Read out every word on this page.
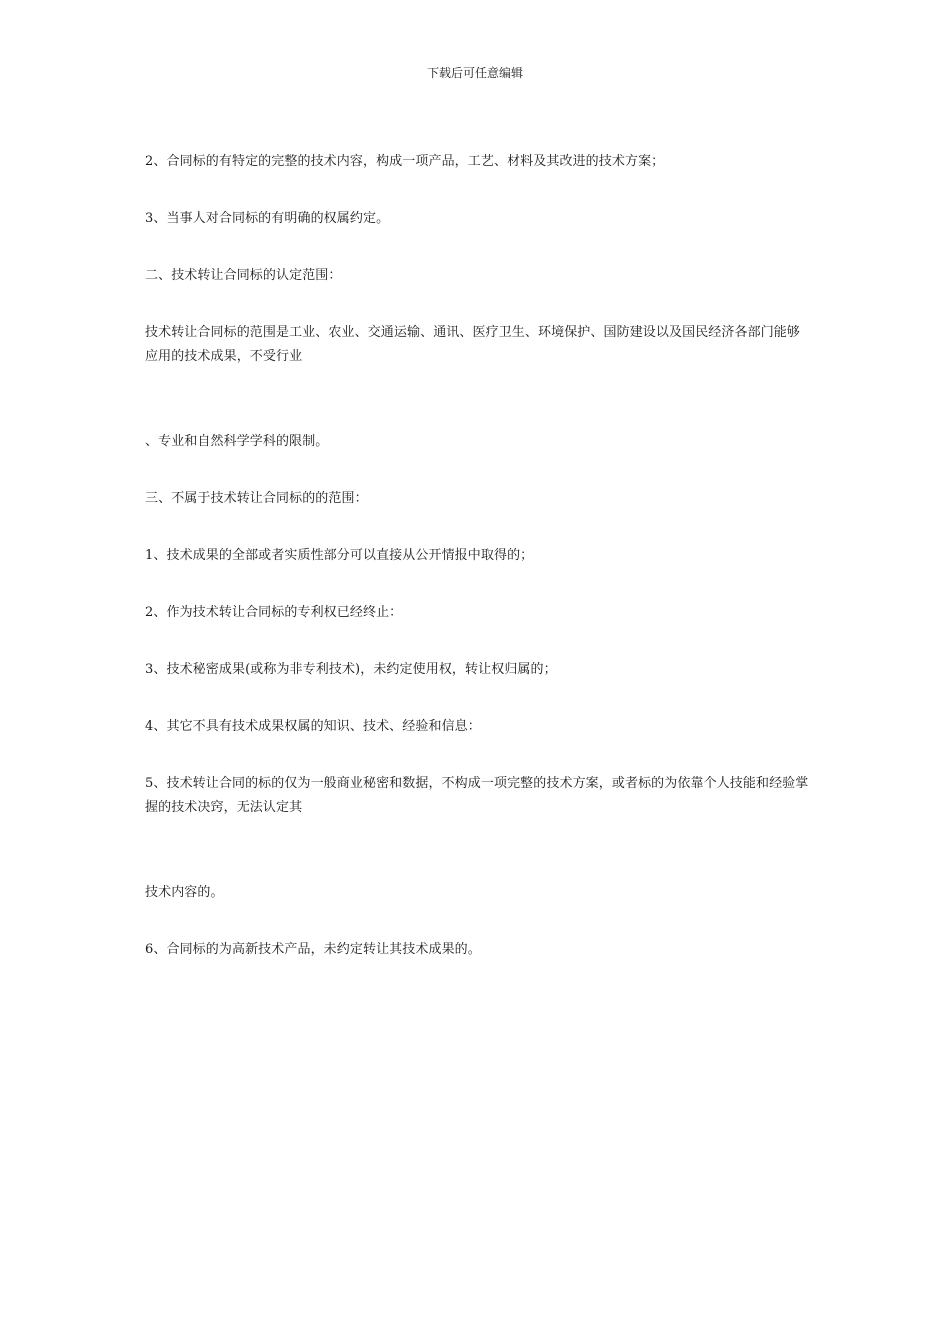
下载后可任意编辑

2、合同标的有特定的完整的技术内容，构成一项产品，工艺、材料及其改进的技术方案；

3、当事人对合同标的有明确的权属约定。

二、技术转让合同标的认定范围：

技术转让合同标的范围是工业、农业、交通运输、通讯、医疗卫生、环境保护、国防建设以及国民经济各部门能够应用的技术成果，不受行业

、专业和自然科学学科的限制。

三、不属于技术转让合同标的的范围：

1、技术成果的全部或者实质性部分可以直接从公开情报中取得的；

2、作为技术转让合同标的专利权已经终止：

3、技术秘密成果(或称为非专利技术)，未约定使用权，转让权归属的；

4、其它不具有技术成果权属的知识、技术、经验和信息：

5、技术转让合同的标的仅为一般商业秘密和数据，不构成一项完整的技术方案，或者标的为依靠个人技能和经验掌握的技术决窍，无法认定其

技术内容的。

6、合同标的为高新技术产品，未约定转让其技术成果的。
